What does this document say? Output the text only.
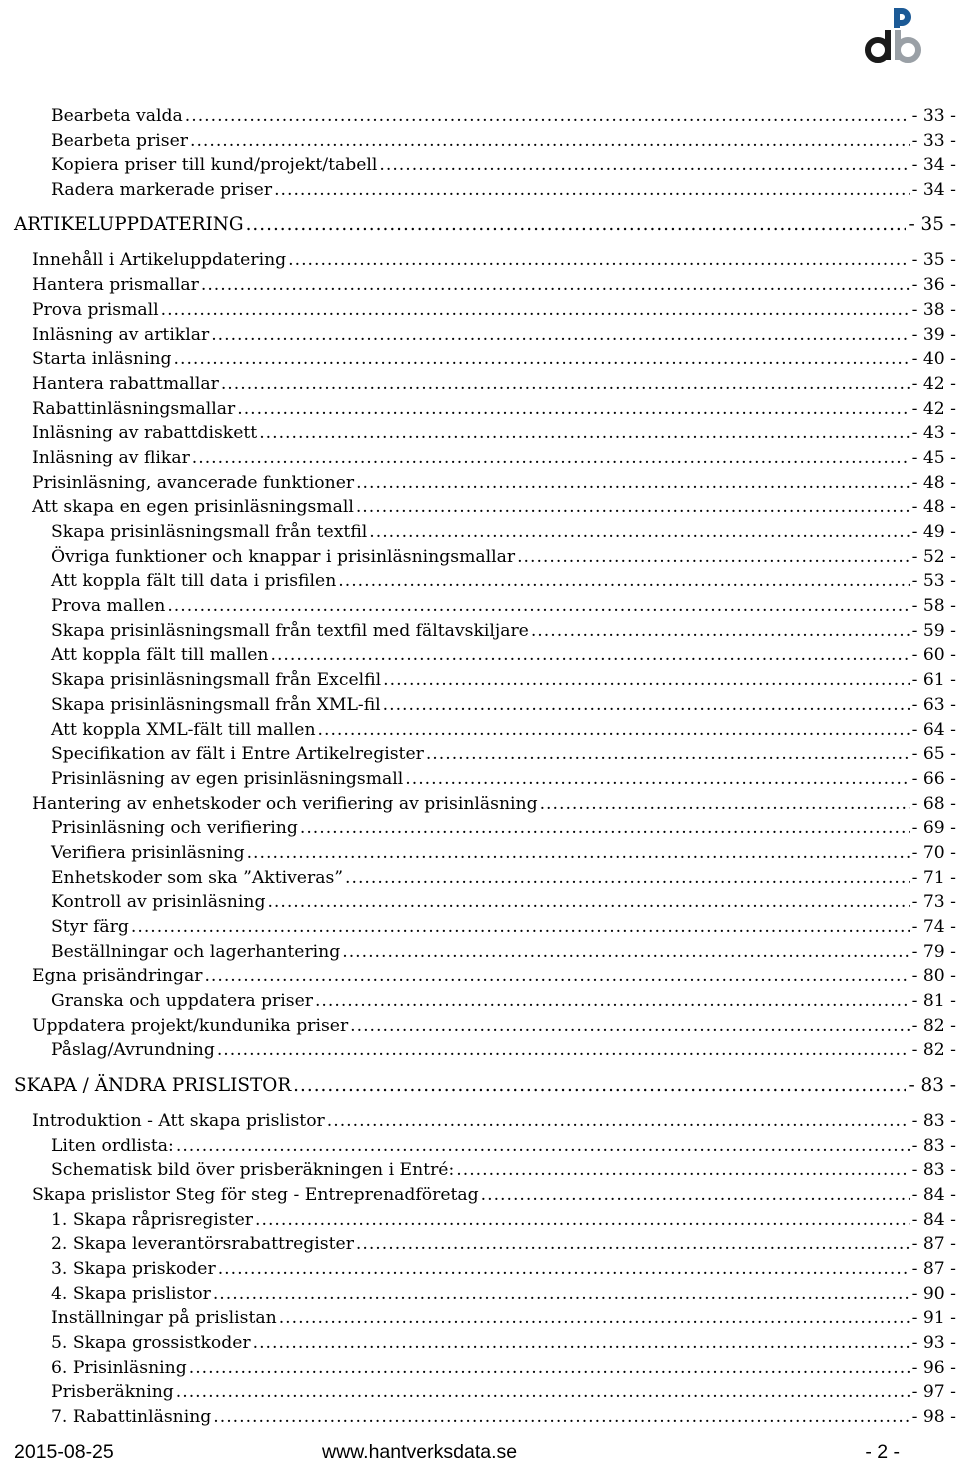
Bearbeta valda .....	- 33 -
Bearbeta priser .....	- 33 -
Kopiera priser till kund/projekt/tabell .....	- 34 -
Radera markerade priser .....	- 34 -
ARTIKELUPPDATERING .....	- 35 -
Innehåll i Artikeluppdatering .....	- 35 -
Hantera prismallar .....	- 36 -
Prova prismall .....	- 38 -
Inläsning av artiklar .....	- 39 -
Starta inläsning .....	- 40 -
Hantera rabattmallar .....	- 42 -
Rabattinläsningsmallar .....	- 42 -
Inläsning av rabattdiskett .....	- 43 -
Inläsning av flikar .....	- 45 -
Prisinläsning, avancerade funktioner .....	- 48 -
Att skapa en egen prisinläsningsmall .....	- 48 -
Skapa prisinläsningsmall från textfil .....	- 49 -
Övriga funktioner och knappar i prisinläsningsmallar .....	- 52 -
Att koppla fält till data i prisfilen .....	- 53 -
Prova mallen .....	- 58 -
Skapa prisinläsningsmall från textfil med fältavskiljare .....	- 59 -
Att koppla fält till mallen .....	- 60 -
Skapa prisinläsningsmall från Excelfil .....	- 61 -
Skapa prisinläsningsmall från XML-fil .....	- 63 -
Att koppla XML-fält till mallen .....	- 64 -
Specifikation av fält i Entre Artikelregister .....	- 65 -
Prisinläsning av egen prisinläsningsmall .....	- 66 -
Hantering av enhetskoder och verifiering av prisinläsning .....	- 68 -
Prisinläsning och verifiering .....	- 69 -
Verifiera prisinläsning .....	- 70 -
Enhetskoder som ska ”Aktiveras” .....	- 71 -
Kontroll av prisinläsning .....	- 73 -
Styr färg .....	- 74 -
Beställningar och lagerhantering .....	- 79 -
Egna prisändringar .....	- 80 -
Granska och uppdatera priser .....	- 81 -
Uppdatera projekt/kundunika priser .....	- 82 -
Påslag/Avrundning .....	- 82 -
SKAPA / ÄNDRA PRISLISTOR .....	- 83 -
Introduktion - Att skapa prislistor .....	- 83 -
Liten ordlista: .....	- 83 -
Schematisk bild över prisberäkningen i Entré: .....	- 83 -
Skapa prislistor Steg för steg - Entreprenadföretag .....	- 84 -
1. Skapa råprisregister .....	- 84 -
2. Skapa leverantörsrabattregister .....	- 87 -
3. Skapa priskoder .....	- 87 -
4. Skapa prislistor .....	- 90 -
Inställningar på prislistan .....	- 91 -
5. Skapa grossistkoder .....	- 93 -
6. Prisinläsning .....	- 96 -
Prisberäkning .....	- 97 -
7. Rabattinläsning .....	- 98 -
2015-08-25	www.hantverksdata.se	- 2 -
